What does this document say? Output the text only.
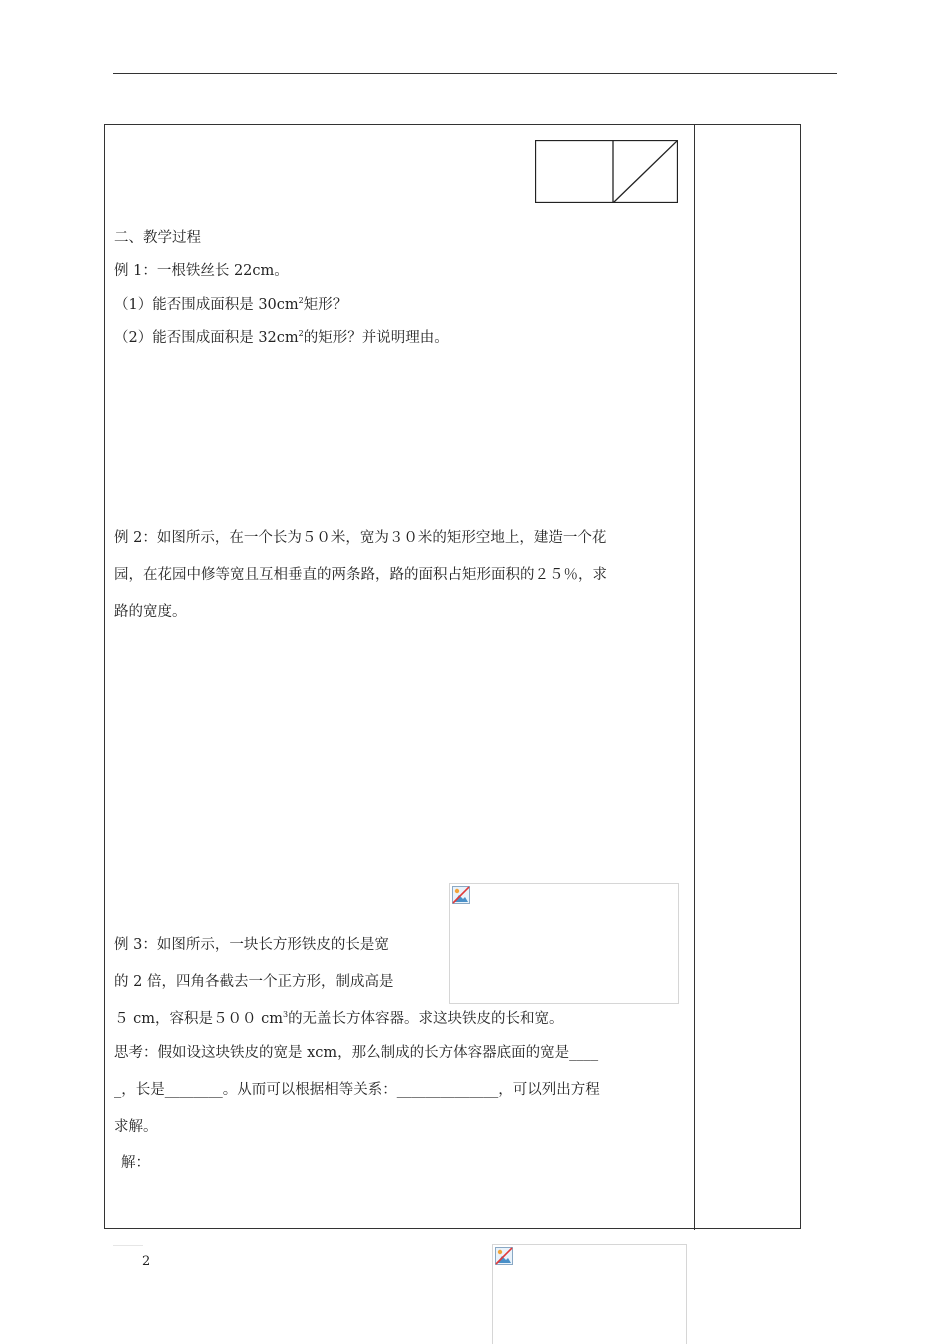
二、教学过程
例 1：一根铁丝长 22cm。
（1）能否围成面积是 $30cm^2$矩形？
（2）能否围成面积是 $32cm^2$的矩形？并说明理由。
例 2：如图所示，在一个长为５０米，宽为３０米的矩形空地上，建造一个花
园，在花园中修等宽且互相垂直的两条路，路的面积占矩形面积的２５％，求
路的宽度。
例 3：如图所示，一块长方形铁皮的长是宽
的 2 倍，四角各截去一个正方形，制成高是
５ cm，容积是５００ $cm^3$的无盖长方体容器。求这块铁皮的长和宽。
思考：假如设这块铁皮的宽是 xcm，那么制成的长方体容器底面的宽是____
_，长是________。从而可以根据相等关系：______________，可以列出方程
求解。
解：
2
